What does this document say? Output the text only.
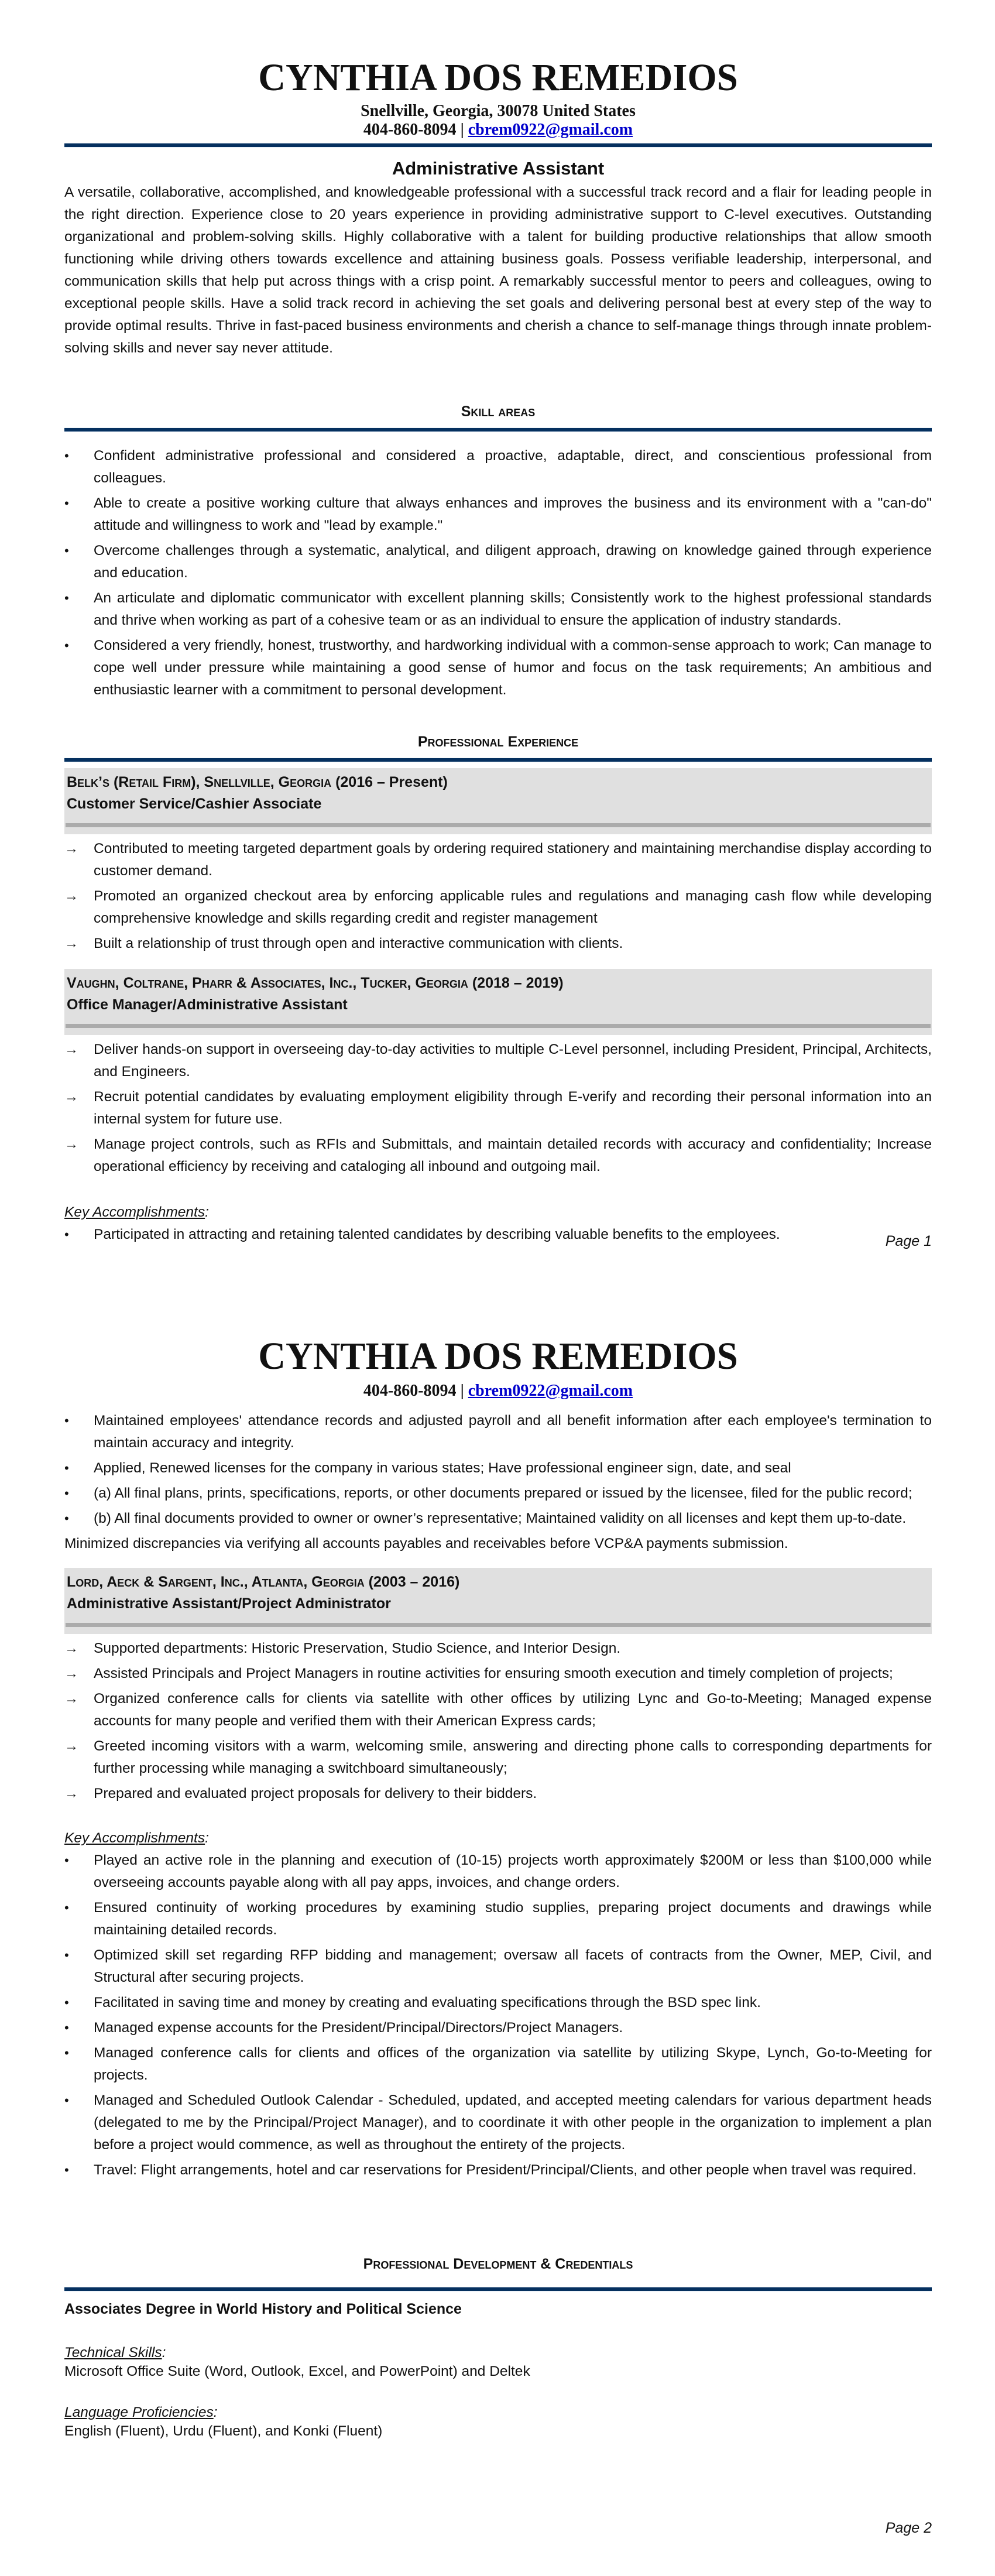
CYNTHIA DOS REMEDIOS
Snellville, Georgia, 30078 United States
404-860-8094 | cbrem0922@gmail.com
Administrative Assistant

A versatile, collaborative, accomplished, and knowledgeable professional with a successful track record and a flair for leading people in the right direction. Experience close to 20 years experience in providing administrative support to C-level executives. Outstanding organizational and problem-solving skills. Highly collaborative with a talent for building productive relationships that allow smooth functioning while driving others towards excellence and attaining business goals. Possess verifiable leadership, interpersonal, and communication skills that help put across things with a crisp point. A remarkably successful mentor to peers and colleagues, owing to exceptional people skills. Have a solid track record in achieving the set goals and delivering personal best at every step of the way to provide optimal results. Thrive in fast-paced business environments and cherish a chance to self-manage things through innate problem-solving skills and never say never attitude.

Skill areas
•	Confident administrative professional and considered a proactive, adaptable, direct, and conscientious professional from colleagues.
•	Able to create a positive working culture that always enhances and improves the business and its environment with a "can-do" attitude and willingness to work and "lead by example."
•	Overcome challenges through a systematic, analytical, and diligent approach, drawing on knowledge gained through experience and education.
•	An articulate and diplomatic communicator with excellent planning skills; Consistently work to the highest professional standards and thrive when working as part of a cohesive team or as an individual to ensure the application of industry standards.
•	Considered a very friendly, honest, trustworthy, and hardworking individual with a common-sense approach to work; Can manage to cope well under pressure while maintaining a good sense of humor and focus on the task requirements; An ambitious and enthusiastic learner with a commitment to personal development.
Professional Experience
Belk’s (Retail Firm), Snellville, Georgia (2016 – Present)
Customer Service/Cashier Associate
→ Contributed to meeting targeted department goals by ordering required stationery and maintaining merchandise display according to customer demand.
→ Promoted an organized checkout area by enforcing applicable rules and regulations and managing cash flow while developing comprehensive knowledge and skills regarding credit and register management
→ Built a relationship of trust through open and interactive communication with clients.
Vaughn, Coltrane, Pharr & Associates, Inc., Tucker, Georgia (2018 – 2019)
Office Manager/Administrative Assistant
→ Deliver hands-on support in overseeing day-to-day activities to multiple C-Level personnel, including President, Principal, Architects, and Engineers.
→ Recruit potential candidates by evaluating employment eligibility through E-verify and recording their personal information into an internal system for future use.
→ Manage project controls, such as RFIs and Submittals, and maintain detailed records with accuracy and confidentiality; Increase operational efficiency by receiving and cataloging all inbound and outgoing mail.
Key Accomplishments:
•	Participated in attracting and retaining talented candidates by describing valuable benefits to the employees.	Page 1
CYNTHIA DOS REMEDIOS
404-860-8094 | cbrem0922@gmail.com
•	Maintained employees' attendance records and adjusted payroll and all benefit information after each employee's termination to maintain accuracy and integrity.
•	Applied, Renewed licenses for the company in various states; Have professional engineer sign, date, and seal
•	(a) All final plans, prints, specifications, reports, or other documents prepared or issued by the licensee, filed for the public record;
•	(b) All final documents provided to owner or owner’s representative; Maintained validity on all licenses and kept them up-to-date.

Minimized discrepancies via verifying all accounts payables and receivables before VCP&A payments submission.

Lord, Aeck & Sargent, Inc., Atlanta, Georgia (2003 – 2016)
Administrative Assistant/Project Administrator
→ Supported departments: Historic Preservation, Studio Science, and Interior Design.
→ Assisted Principals and Project Managers in routine activities for ensuring smooth execution and timely completion of projects;
→ Organized conference calls for clients via satellite with other offices by utilizing Lync and Go-to-Meeting; Managed expense accounts for many people and verified them with their American Express cards;
→ Greeted incoming visitors with a warm, welcoming smile, answering and directing phone calls to corresponding departments for further processing while managing a switchboard simultaneously;
→ Prepared and evaluated project proposals for delivery to their bidders.
Key Accomplishments:
•	Played an active role in the planning and execution of (10-15) projects worth approximately $200M or less than $100,000 while overseeing accounts payable along with all pay apps, invoices, and change orders.
•	Ensured continuity of working procedures by examining studio supplies, preparing project documents and drawings while maintaining detailed records.
•	Optimized skill set regarding RFP bidding and management; oversaw all facets of contracts from the Owner, MEP, Civil, and Structural after securing projects.
•	Facilitated in saving time and money by creating and evaluating specifications through the BSD spec link.
•	Managed expense accounts for the President/Principal/Directors/Project Managers.
•	Managed conference calls for clients and offices of the organization via satellite by utilizing Skype, Lynch, Go-to-Meeting for projects.
•	Managed and Scheduled Outlook Calendar - Scheduled, updated, and accepted meeting calendars for various department heads (delegated to me by the Principal/Project Manager), and to coordinate it with other people in the organization to implement a plan before a project would commence, as well as throughout the entirety of the projects.
•	Travel: Flight arrangements, hotel and car reservations for President/Principal/Clients, and other people when travel was required.
Professional Development & Credentials
Associates Degree in World History and Political Science
Technical Skills:
Microsoft Office Suite (Word, Outlook, Excel, and PowerPoint) and Deltek
Language Proficiencies:
English (Fluent), Urdu (Fluent), and Konki (Fluent)
Page 2
